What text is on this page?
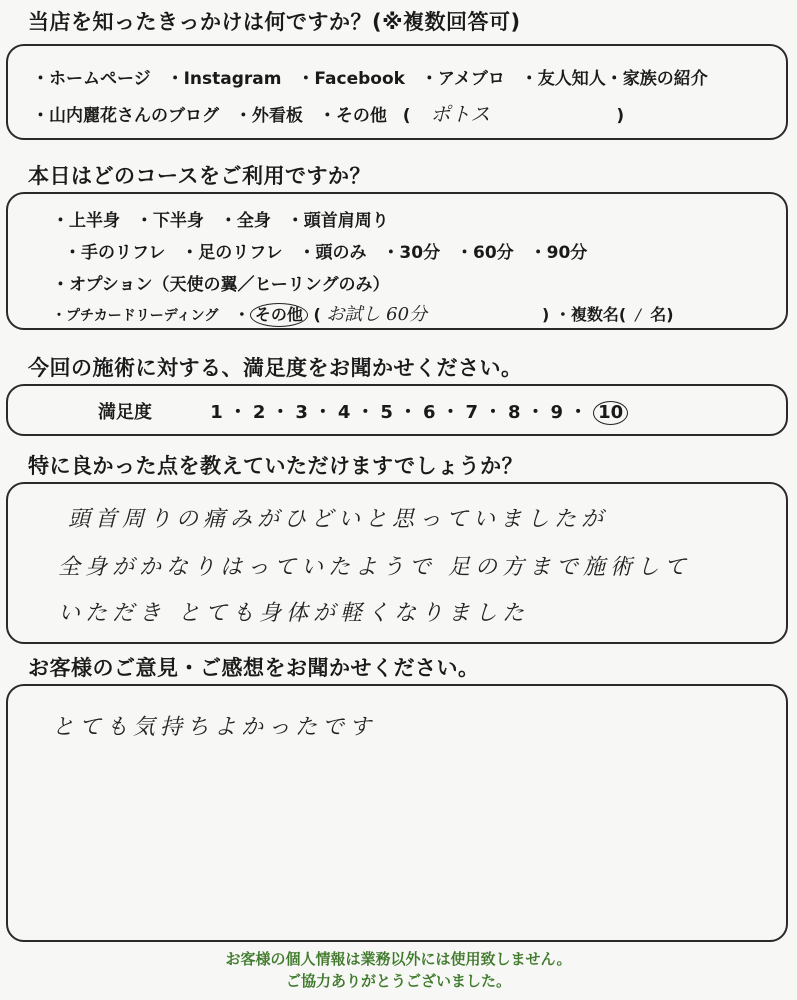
当店を知ったきっかけは何ですか？(※複数回答可)
・ホームページ ・Instagram ・Facebook ・アメブロ ・友人知人・家族の紹介
・山内麗花さんのブログ ・外看板 ・その他 ( ポトス	)
本日はどのコースをご利用ですか？
・上半身 ・下半身 ・全身 ・頭首肩周り
・手のリフレ ・足のリフレ ・頭のみ ・30分 ・60分 ・90分
・オプション（天使の翼／ヒーリングのみ）
・プチカードリーディング ・ その他 ( お試し 60分	) ・複数名( / 名)
今回の施術に対する、満足度をお聞かせください。
満足度	1 ・ 2 ・ 3 ・ 4 ・ 5 ・ 6 ・ 7 ・ 8 ・ 9 ・ 10
特に良かった点を教えていただけますでしょうか？
頭首周りの痛みがひどいと思っていましたが
全身がかなりはっていたようで 足の方まで施術して
いただき とても身体が軽くなりました
お客様のご意見・ご感想をお聞かせください。
とても気持ちよかったです
お客様の個人情報は業務以外には使用致しません。
ご協力ありがとうございました。
